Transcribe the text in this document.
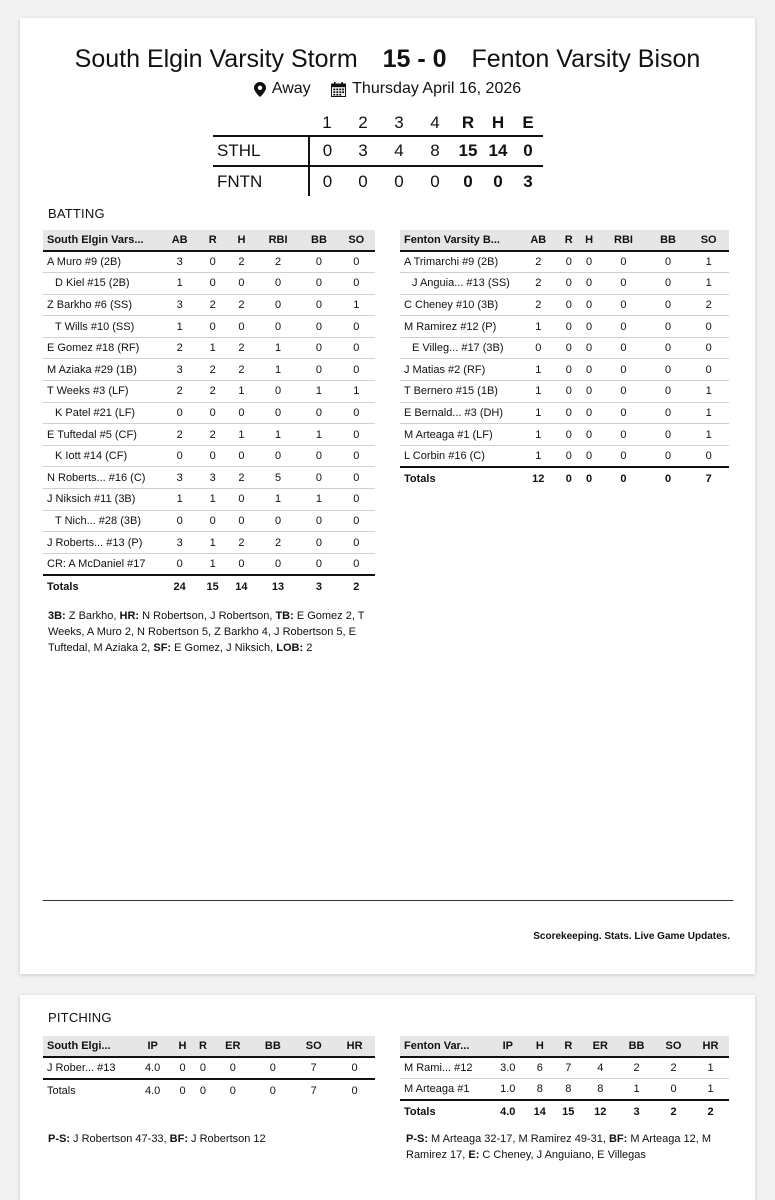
South Elgin Varsity Storm 15 - 0 Fenton Varsity Bison
Away
	Thursday April 16, 2026
	1	2	3	4	R	H	E
STHL	0	3	4	8	15	14	0
FNTN	0	0	0	0	0	0	3
BATTING
South Elgin Vars...	AB	R	H	RBI	BB	SO
A Muro #9 (2B)	3	0	2	2	0	0
D Kiel #15 (2B)	1	0	0	0	0	0
Z Barkho #6 (SS)	3	2	2	0	0	1
T Wills #10 (SS)	1	0	0	0	0	0
E Gomez #18 (RF)	2	1	2	1	0	0
M Aziaka #29 (1B)	3	2	2	1	0	0
T Weeks #3 (LF)	2	2	1	0	1	1
K Patel #21 (LF)	0	0	0	0	0	0
E Tuftedal #5 (CF)	2	2	1	1	1	0
K Iott #14 (CF)	0	0	0	0	0	0
N Roberts... #16 (C)	3	3	2	5	0	0
J Niksich #11 (3B)	1	1	0	1	1	0
T Nich... #28 (3B)	0	0	0	0	0	0
J Roberts... #13 (P)	3	1	2	2	0	0
CR: A McDaniel #17	0	1	0	0	0	0
Totals	24	15	14	13	3	2
Fenton Varsity B...	AB	R	H	RBI	BB	SO
A Trimarchi #9 (2B)	2	0	0	0	0	1
J Anguia... #13 (SS)	2	0	0	0	0	1
C Cheney #10 (3B)	2	0	0	0	0	2
M Ramirez #12 (P)	1	0	0	0	0	0
E Villeg... #17 (3B)	0	0	0	0	0	0
J Matias #2 (RF)	1	0	0	0	0	0
T Bernero #15 (1B)	1	0	0	0	0	1
E Bernald... #3 (DH)	1	0	0	0	0	1
M Arteaga #1 (LF)	1	0	0	0	0	1
L Corbin #16 (C)	1	0	0	0	0	0
Totals	12	0	0	0	0	7
3B: Z Barkho, HR: N Robertson, J Robertson, TB: E Gomez 2, T Weeks, A Muro 2, N Robertson 5, Z Barkho 4, J Robertson 5, E Tuftedal, M Aziaka 2, SF: E Gomez, J Niksich, LOB: 2
Scorekeeping. Stats. Live Game Updates.
PITCHING
South Elgi...	IP	H	R	ER	BB	SO	HR
J Rober... #13	4.0	0	0	0	0	7	0
Totals	4.0	0	0	0	0	7	0
Fenton Var...	IP	H	R	ER	BB	SO	HR
M Rami... #12	3.0	6	7	4	2	2	1
M Arteaga #1	1.0	8	8	8	1	0	1
Totals	4.0	14	15	12	3	2	2
P-S: J Robertson 47-33, BF: J Robertson 12	P-S: M Arteaga 32-17, M Ramirez 49-31, BF: M Arteaga 12, M Ramirez 17, E: C Cheney, J Anguiano, E Villegas
